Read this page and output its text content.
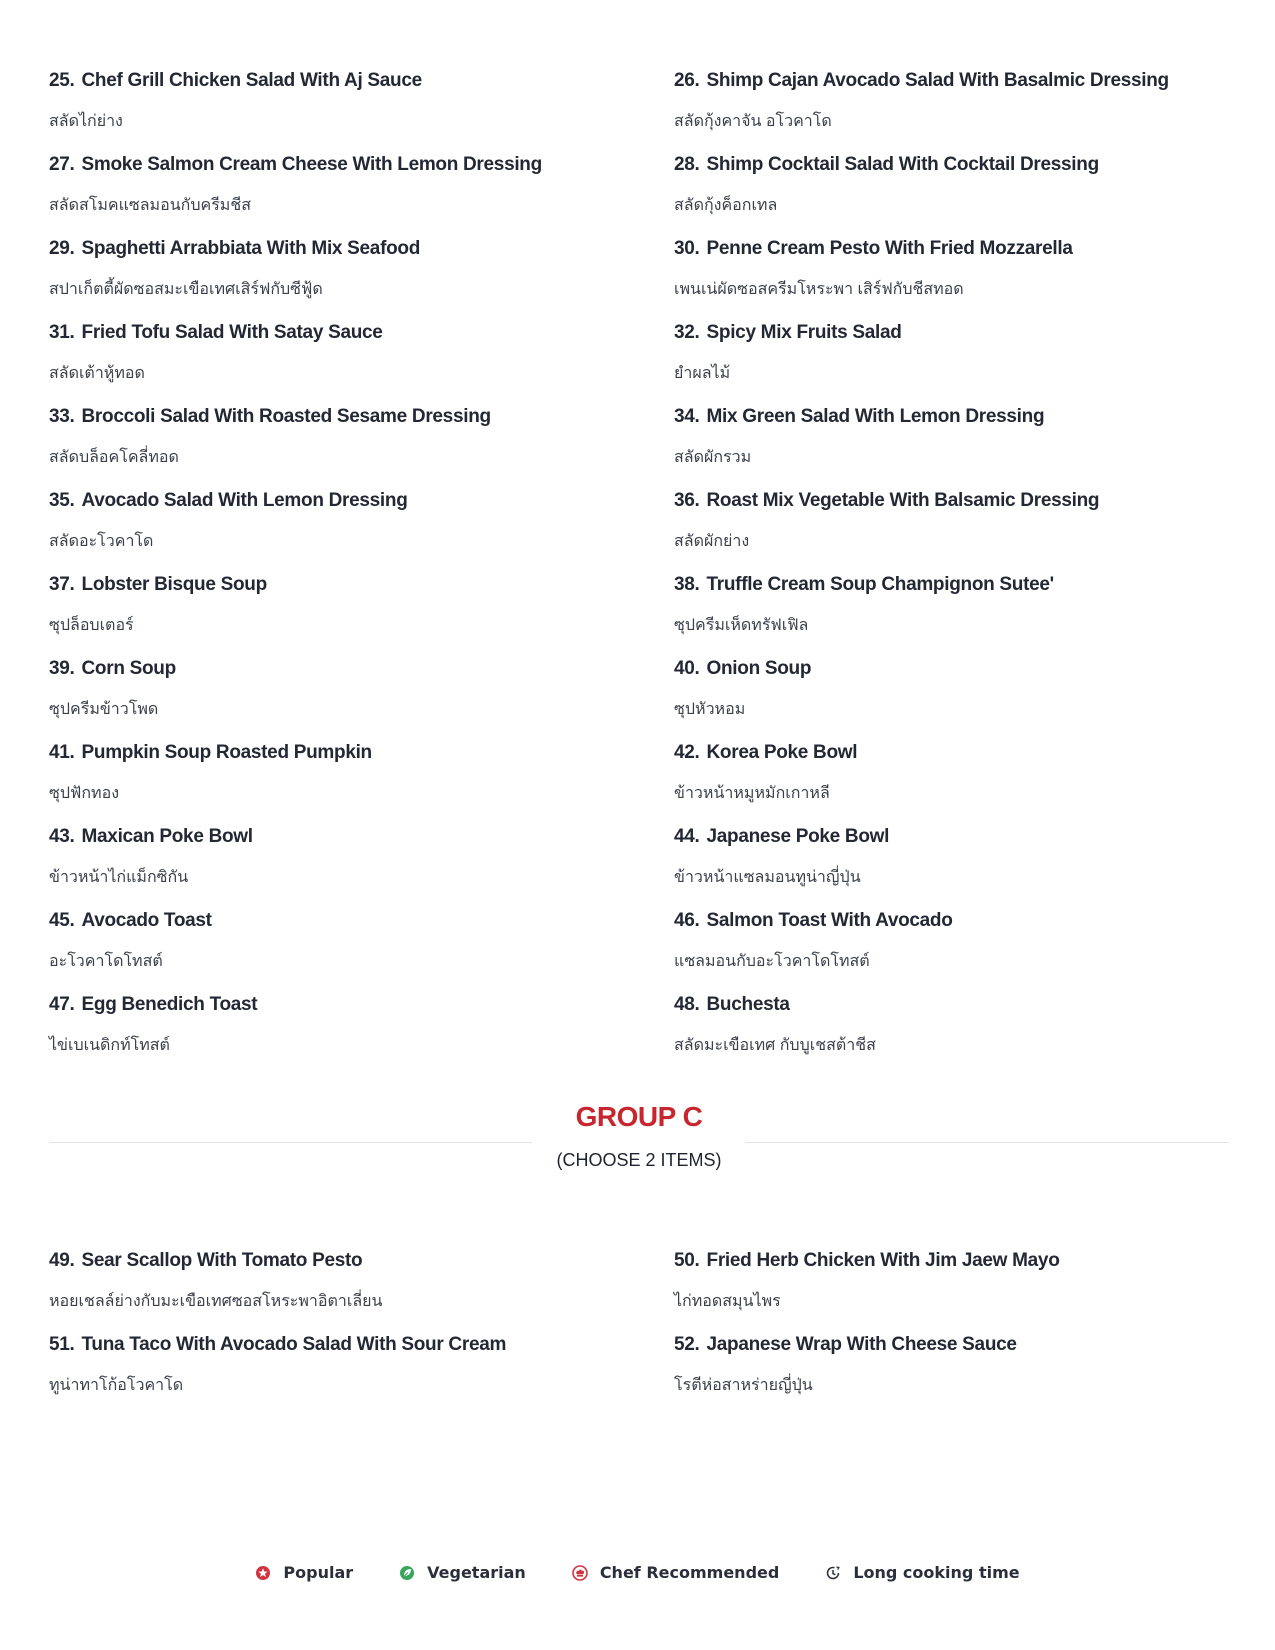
25. Chef Grill Chicken Salad With Aj Sauce
สลัดไก่ย่าง
26. Shimp Cajan Avocado Salad With Basalmic Dressing
สลัดกุ้งคาจัน อโวคาโด
27. Smoke Salmon Cream Cheese With Lemon Dressing
สลัดสโมคแซลมอนกับครีมชีส
28. Shimp Cocktail Salad With Cocktail Dressing
สลัดกุ้งค็อกเทล
29. Spaghetti Arrabbiata With Mix Seafood
สปาเก็ตตี้ผัดซอสมะเขือเทศเสิร์ฟกับซีฟู้ด
30. Penne Cream Pesto With Fried Mozzarella
เพนเน่ผัดซอสครีมโหระพา เสิร์ฟกับชีสทอด
31. Fried Tofu Salad With Satay Sauce
สลัดเต้าหู้ทอด
32. Spicy Mix Fruits Salad
ยำผลไม้
33. Broccoli Salad With Roasted Sesame Dressing
สลัดบล็อคโคลี่ทอด
34. Mix Green Salad With Lemon Dressing
สลัดผักรวม
35. Avocado Salad With Lemon Dressing
สลัดอะโวคาโด
36. Roast Mix Vegetable With Balsamic Dressing
สลัดผักย่าง
37. Lobster Bisque Soup
ซุปล็อบเตอร์
38. Truffle Cream Soup Champignon Sutee'
ซุปครีมเห็ดทรัฟเฟิล
39. Corn Soup
ซุปครีมข้าวโพด
40. Onion Soup
ซุปหัวหอม
41. Pumpkin Soup Roasted Pumpkin
ซุปฟักทอง
42. Korea Poke Bowl
ข้าวหน้าหมูหมักเกาหลี
43. Maxican Poke Bowl
ข้าวหน้าไก่แม็กซิกัน
44. Japanese Poke Bowl
ข้าวหน้าแซลมอนทูน่าญี่ปุ่น
45. Avocado Toast
อะโวคาโดโทสต์
46. Salmon Toast With Avocado
แซลมอนกับอะโวคาโดโทสต์
47. Egg Benedich Toast
ไข่เบเนดิกท์โทสต์
48. Buchesta
สลัดมะเขือเทศ กับบูเชสต้าชีส
GROUP C
(CHOOSE 2 ITEMS)
49. Sear Scallop With Tomato Pesto
หอยเชลล์ย่างกับมะเขือเทศซอสโหระพาอิตาเลี่ยน
50. Fried Herb Chicken With Jim Jaew Mayo
ไก่ทอดสมุนไพร
51. Tuna Taco With Avocado Salad With Sour Cream
ทูน่าทาโก้อโวคาโด
52. Japanese Wrap With Cheese Sauce
โรตีห่อสาหร่ายญี่ปุ่น
Popular	Vegetarian	Chef Recommended	Long cooking time
